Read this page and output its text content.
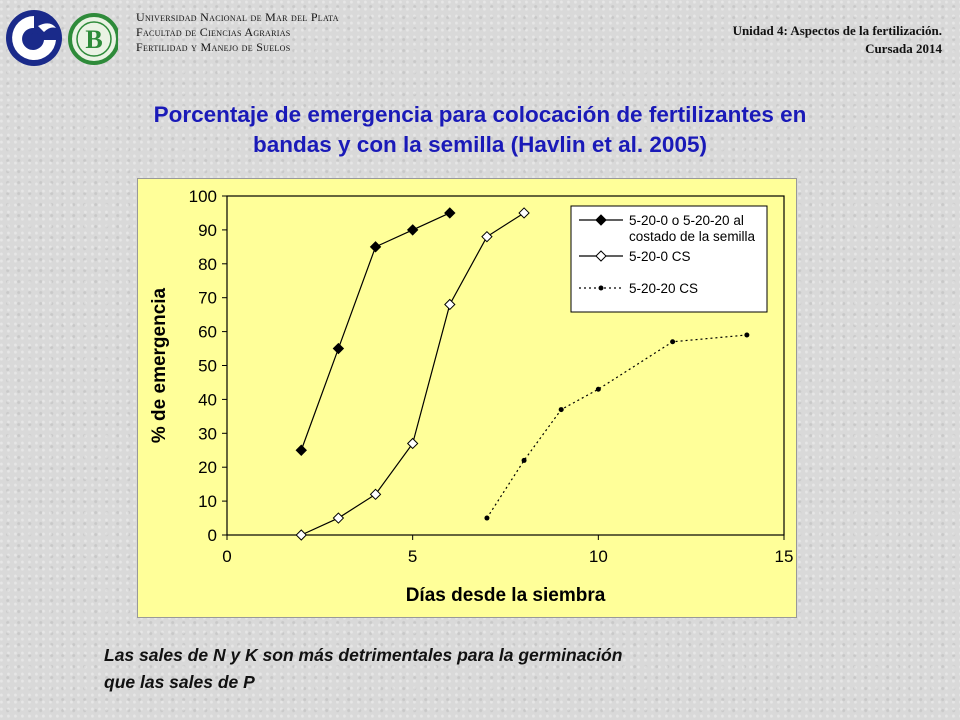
B
Universidad Nacional de Mar del Plata
Facultad de Ciencias Agrarias
Fertilidad y Manejo de Suelos
Unidad 4: Aspectos de la fertilización.
Cursada 2014
Porcentaje de emergencia para colocación de fertilizantes en
bandas y con la semilla (Havlin et al. 2005)
0
10
20
30
40
50
60
70
80
90
100
0	5	10	15
Días desde la siembra
% de emergencia
5-20-0 o 5-20-20 al
costado de la semilla
5-20-0 CS
5-20-20 CS
Las sales de N y K son más detrimentales para la germinación
que las sales de P
